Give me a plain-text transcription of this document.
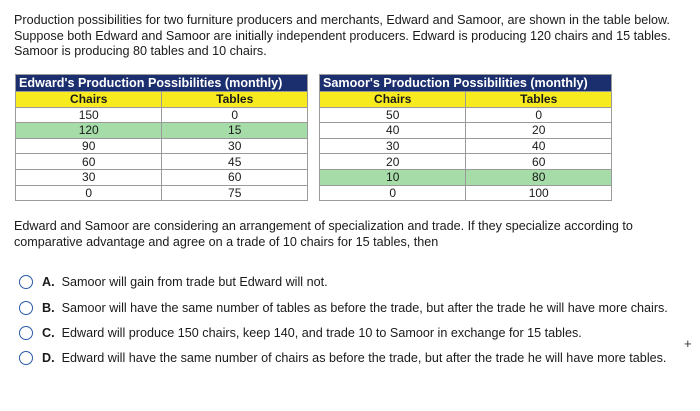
Production possibilities for two furniture producers and merchants, Edward and Samoor, are shown in the table below. Suppose both Edward and Samoor are initially independent producers. Edward is producing 120 chairs and 15 tables. Samoor is producing 80 tables and 10 chairs.
Edward's Production Possibilities (monthly)	
Chairs	Tables
150	0
120	15
90	30
60	45
30	60
0	75
Samoor's Production Possibilities (monthly)	
Chairs	Tables
50	0
40	20
30	40
20	60
10	80
0	100
Edward and Samoor are considering an arrangement of specialization and trade. If they specialize according to comparative advantage and agree on a trade of 10 chairs for 15 tables, then
A. Samoor will gain from trade but Edward will not.
B. Samoor will have the same number of tables as before the trade, but after the trade he will have more chairs.
C. Edward will produce 150 chairs, keep 140, and trade 10 to Samoor in exchange for 15 tables.
D. Edward will have the same number of chairs as before the trade, but after the trade he will have more tables.
+
